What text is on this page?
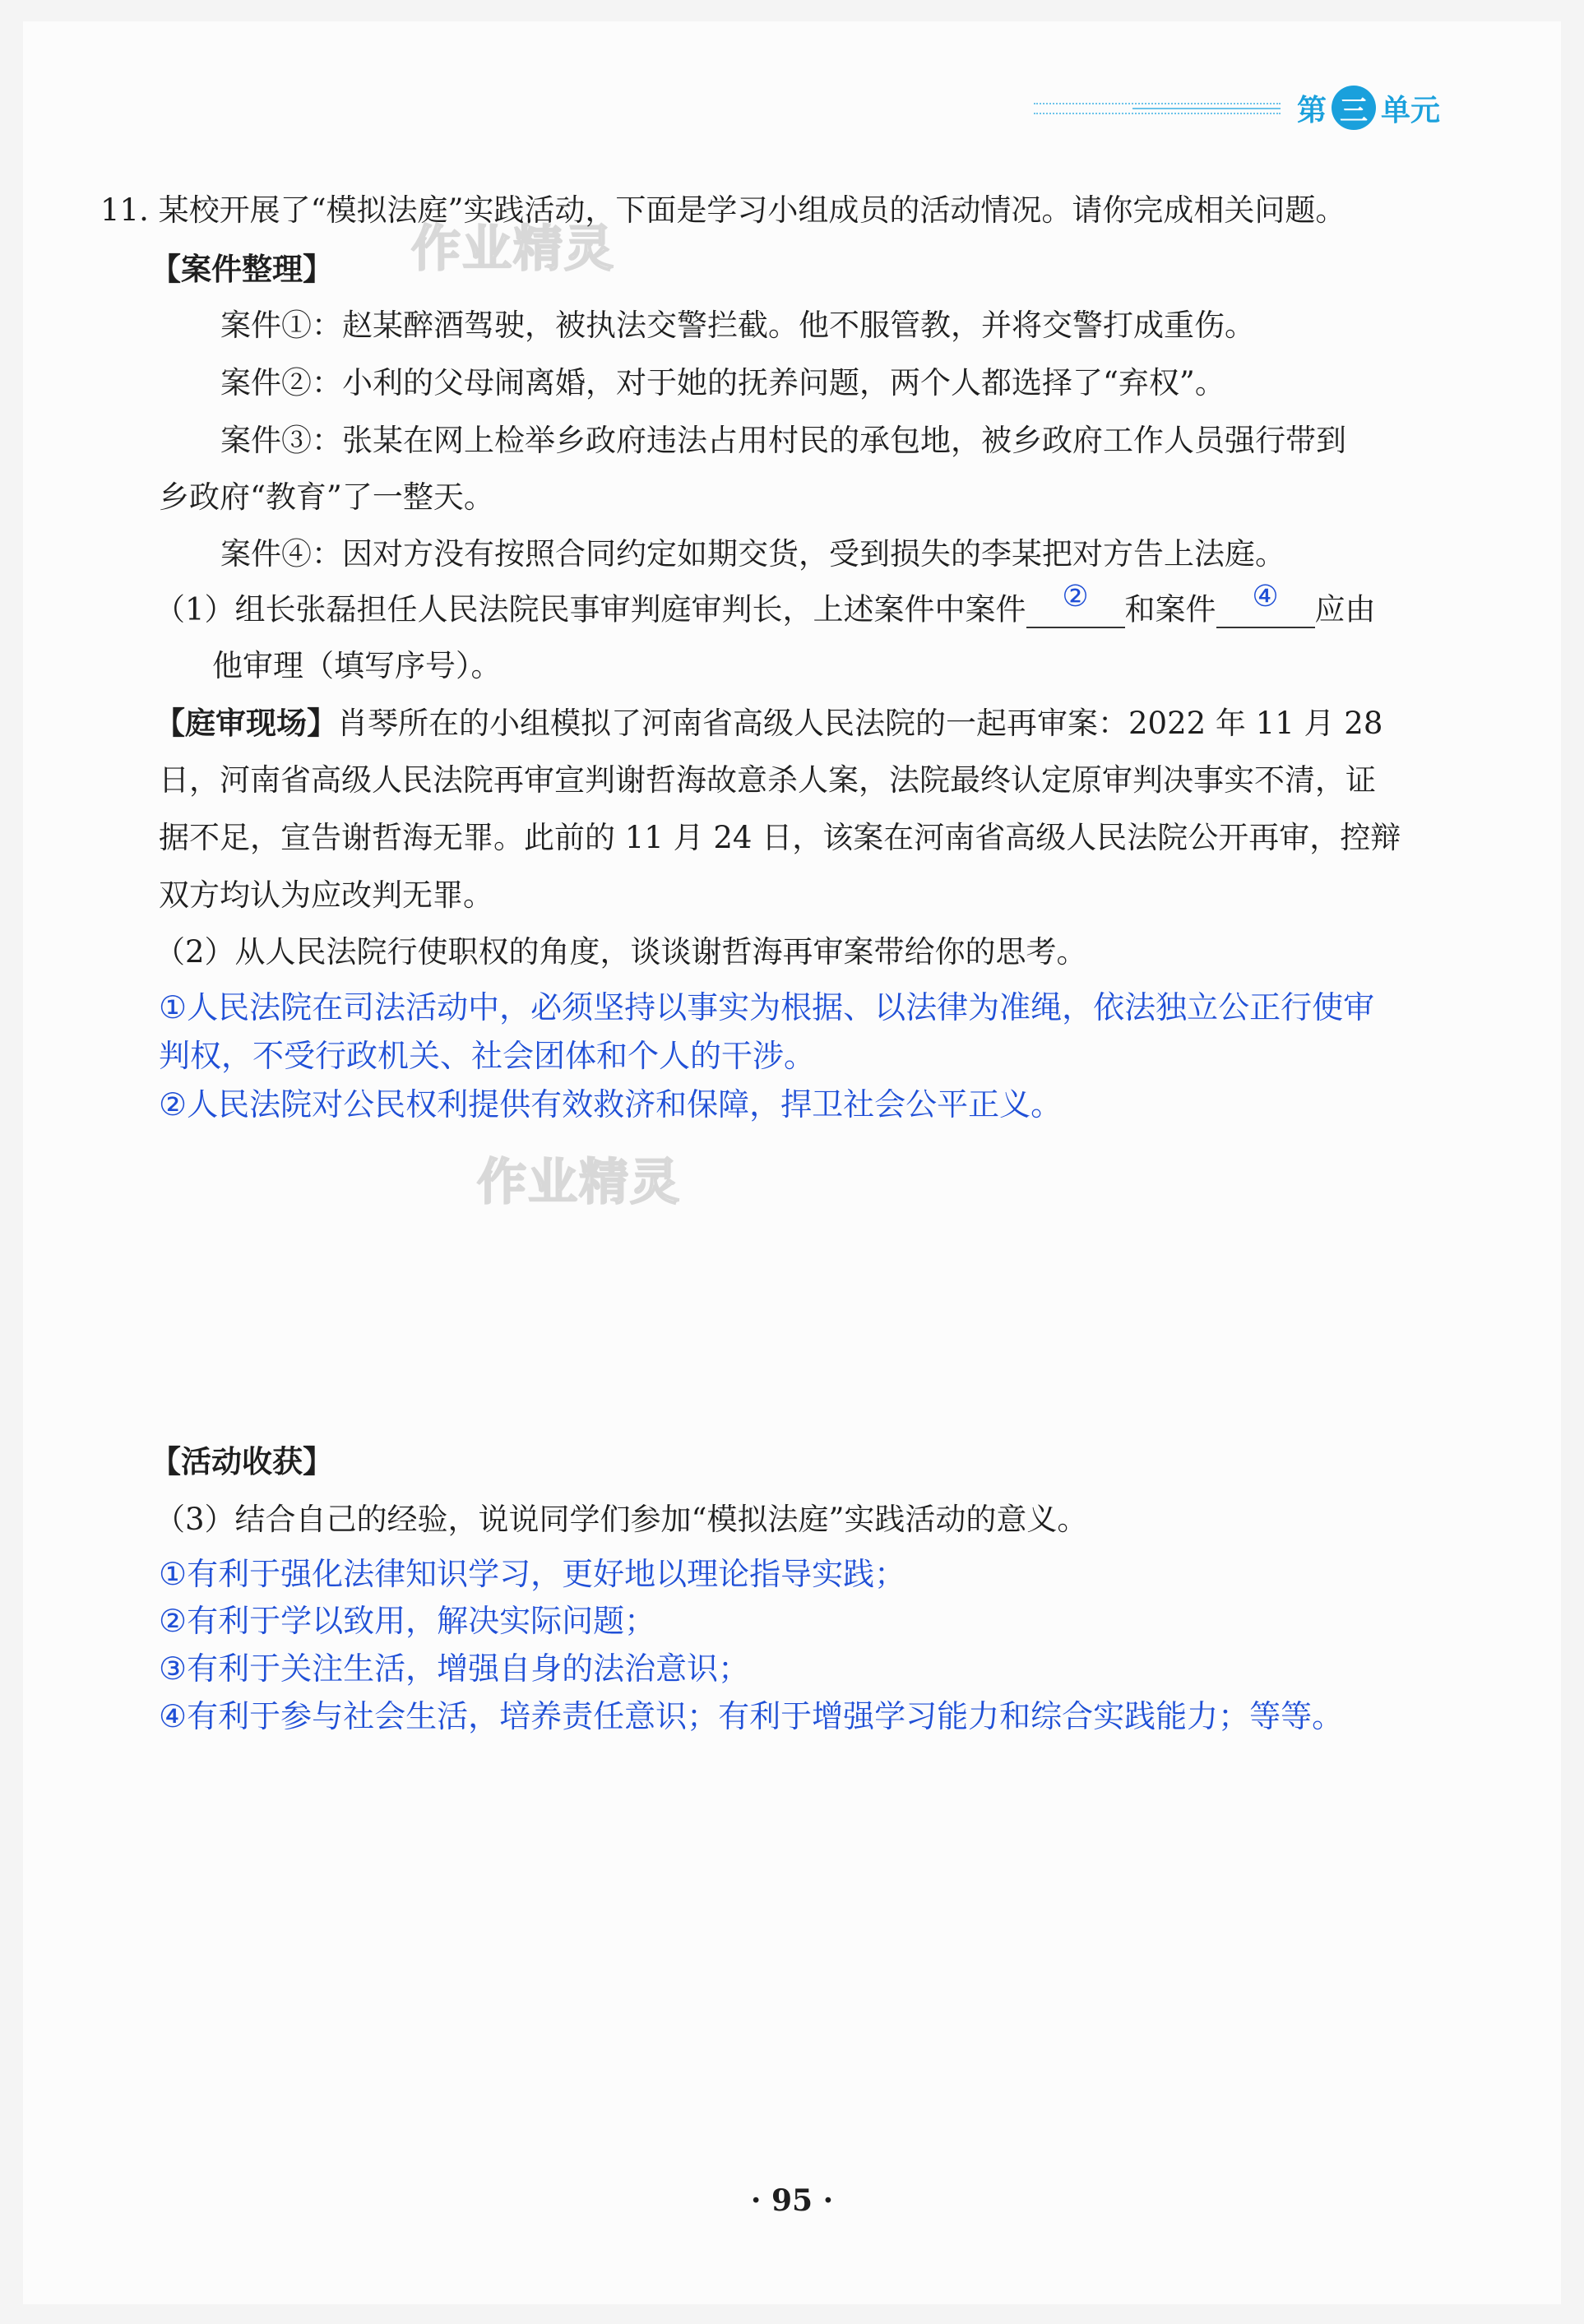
第 三 单元
作业精灵
作业精灵
11. 某校开展了“模拟法庭”实践活动，下面是学习小组成员的活动情况。请你完成相关问题。
【案件整理】
案件①：赵某醉酒驾驶，被执法交警拦截。他不服管教，并将交警打成重伤。
案件②：小利的父母闹离婚，对于她的抚养问题，两个人都选择了“弃权”。
案件③：张某在网上检举乡政府违法占用村民的承包地，被乡政府工作人员强行带到
乡政府“教育”了一整天。
案件④：因对方没有按照合同约定如期交货，受到损失的李某把对方告上法庭。
（1）组长张磊担任人民法院民事审判庭审判长，上述案件中案件	②	和案件	④	应由
他审理（填写序号）。
【庭审现场】肖琴所在的小组模拟了河南省高级人民法院的一起再审案：2022 年 11 月 28
日，河南省高级人民法院再审宣判谢哲海故意杀人案，法院最终认定原审判决事实不清，证
据不足，宣告谢哲海无罪。此前的 11 月 24 日，该案在河南省高级人民法院公开再审，控辩
双方均认为应改判无罪。
（2）从人民法院行使职权的角度，谈谈谢哲海再审案带给你的思考。
①人民法院在司法活动中，必须坚持以事实为根据、以法律为准绳，依法独立公正行使审
判权，不受行政机关、社会团体和个人的干涉。
②人民法院对公民权利提供有效救济和保障，捍卫社会公平正义。
【活动收获】
（3）结合自己的经验，说说同学们参加“模拟法庭”实践活动的意义。
①有利于强化法律知识学习，更好地以理论指导实践；
②有利于学以致用，解决实际问题；
③有利于关注生活，增强自身的法治意识；
④有利于参与社会生活，培养责任意识；有利于增强学习能力和综合实践能力；等等。
· 95 ·
